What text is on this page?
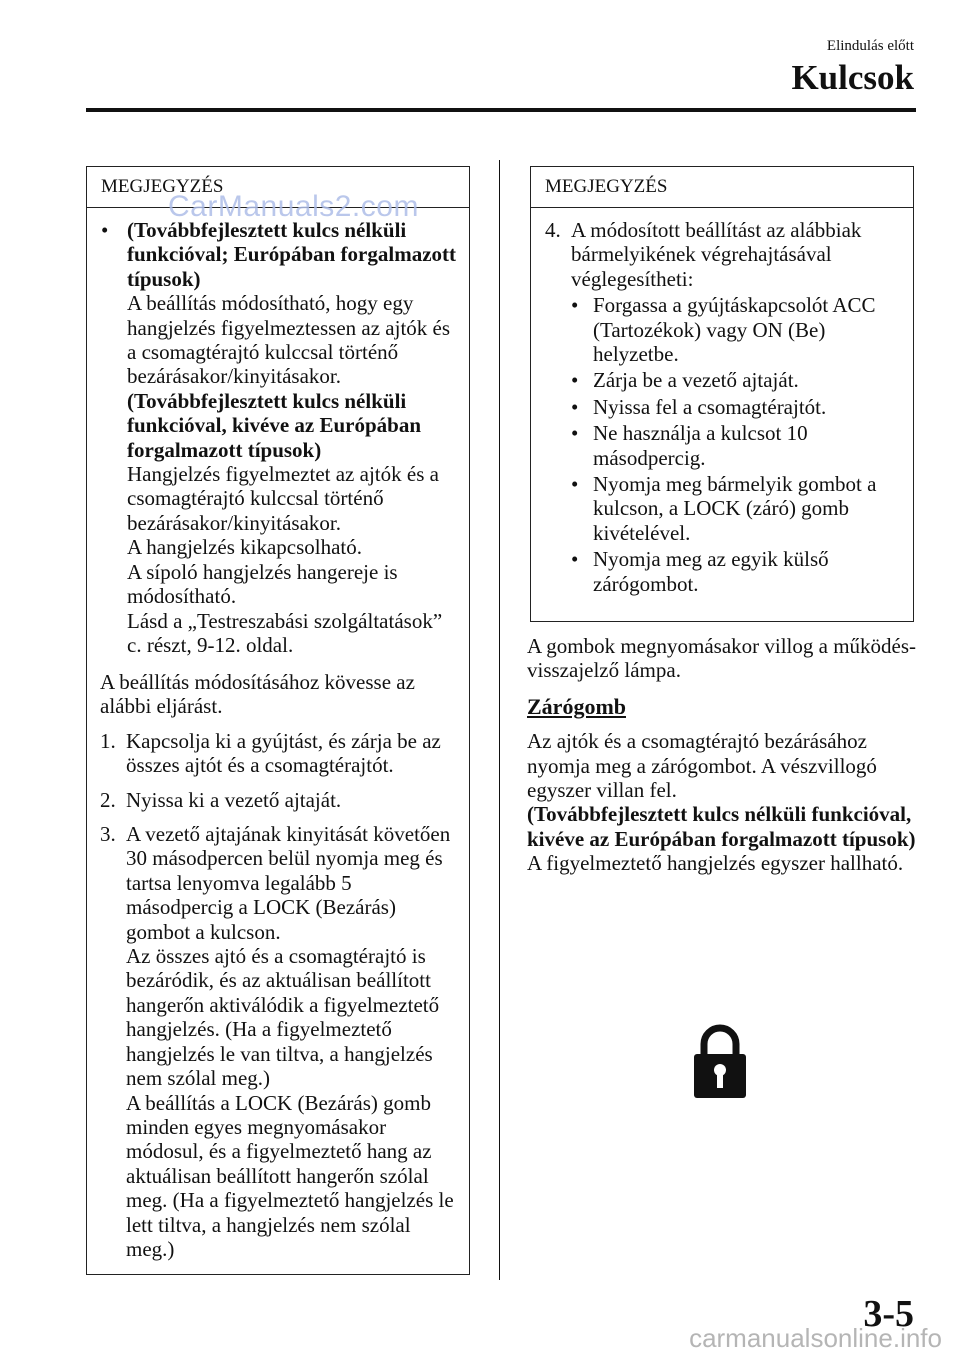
Elindulás előtt
Kulcsok
MEGJEGYZÉS
• (Továbbfejlesztett kulcs nélküli funkcióval; Európában forgalmazott típusok)
A beállítás módosítható, hogy egy hangjelzés figyelmeztessen az ajtók és a csomagtérajtó kulccsal történő bezárásakor/kinyitásakor.
(Továbbfejlesztett kulcs nélküli funkcióval, kivéve az Európában forgalmazott típusok)
Hangjelzés figyelmeztet az ajtók és a csomagtérajtó kulccsal történő bezárásakor/kinyitásakor.
A hangjelzés kikapcsolható.
A sípoló hangjelzés hangereje is módosítható.
Lásd a „Testreszabási szolgáltatások” c. részt, 9-12. oldal.
A beállítás módosításához kövesse az alábbi eljárást.
1. Kapcsolja ki a gyújtást, és zárja be az összes ajtót és a csomagtérajtót.
2. Nyissa ki a vezető ajtaját.
3. A vezető ajtajának kinyitását követően 30 másodpercen belül nyomja meg és tartsa lenyomva legalább 5 másodpercig a LOCK (Bezárás) gombot a kulcson.
Az összes ajtó és a csomagtérajtó is bezáródik, és az aktuálisan beállított hangerőn aktiválódik a figyelmeztető hangjelzés. (Ha a figyelmeztető hangjelzés le van tiltva, a hangjelzés nem szólal meg.)
A beállítás a LOCK (Bezárás) gomb minden egyes megnyomásakor módosul, és a figyelmeztető hang az aktuálisan beállított hangerőn szólal meg. (Ha a figyelmeztető hangjelzés le lett tiltva, a hangjelzés nem szólal meg.)
MEGJEGYZÉS
4. A módosított beállítást az alábbiak bármelyikének végrehajtásával véglegesítheti:
• Forgassa a gyújtáskapcsolót ACC (Tartozékok) vagy ON (Be) helyzetbe.
• Zárja be a vezető ajtaját.
• Nyissa fel a csomagtérajtót.
• Ne használja a kulcsot 10 másodpercig.
• Nyomja meg bármelyik gombot a kulcson, a LOCK (záró) gomb kivételével.
• Nyomja meg az egyik külső zárógombot.
A gombok megnyomásakor villog a működés-visszajelző lámpa.
Zárógomb
Az ajtók és a csomagtérajtó bezárásához nyomja meg a zárógombot. A vészvillogó egyszer villan fel.
(Továbbfejlesztett kulcs nélküli funkcióval, kivéve az Európában forgalmazott típusok)
A figyelmeztető hangjelzés egyszer hallható.
3-5
CarManuals2.com
carmanualsonline.info
